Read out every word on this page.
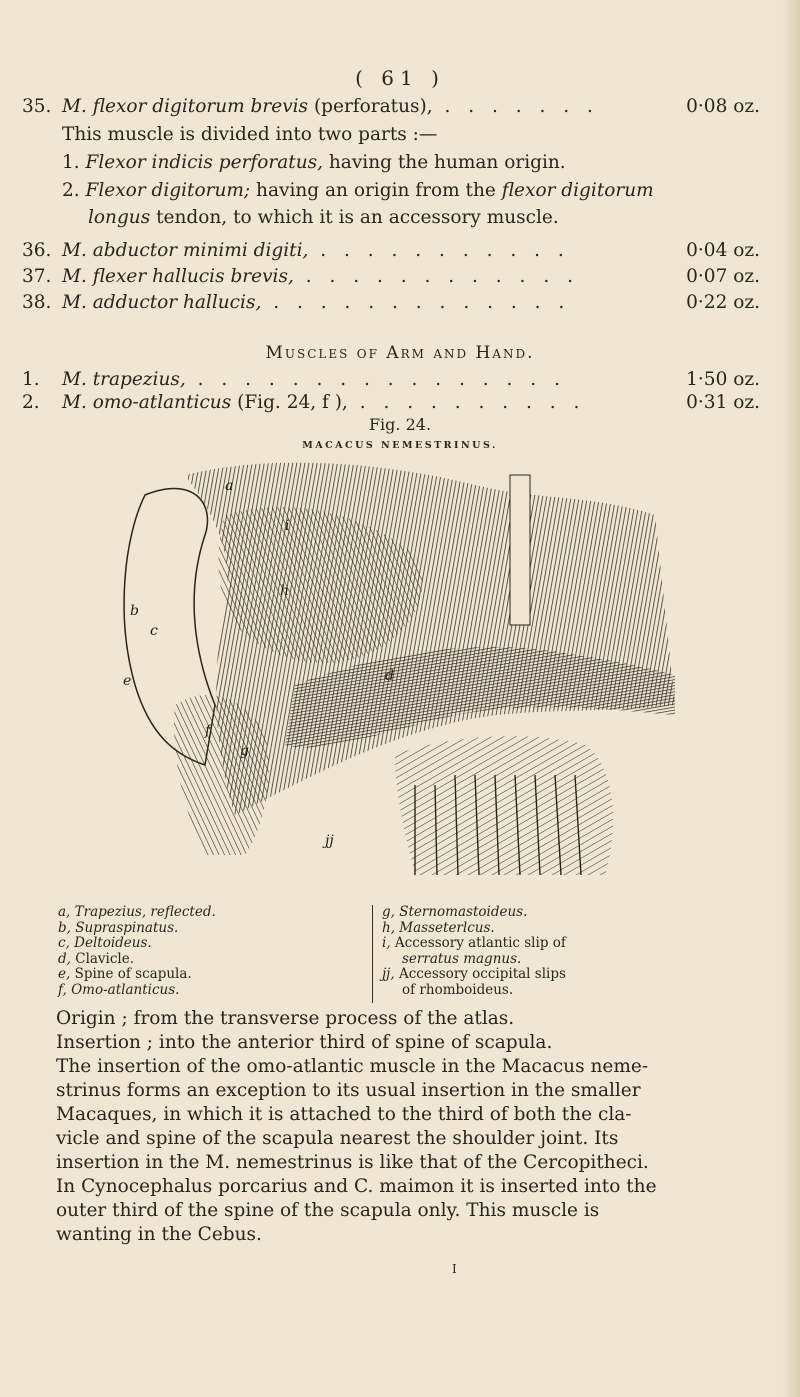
( 61 )
35. M. flexor digitorum brevis (perforatus), . . . . . . .	0·08 oz.
This muscle is divided into two parts :—
1. Flexor indicis perforatus, having the human origin.
2. Flexor digitorum; having an origin from the flexor digitorum
longus tendon, to which it is an accessory muscle.
36. M. abductor minimi digiti, . . . . . . . . . . .	0·04 oz.
37. M. flexer hallucis brevis, . . . . . . . . . . . .	0·07 oz.
38. M. adductor hallucis, . . . . . . . . . . . . .	0·22 oz.
Muscles of Arm and Hand.
1. M. trapezius, . . . . . . . . . . . . . . . .	1·50 oz.
2. M. omo-atlanticus (Fig. 24, f ), . . . . . . . . . .	0·31 oz.
Fig. 24.
MACACUS NEMESTRINUS.
a
b
c
d
e
f
g
h
i
jj
a, Trapezius, reflected.
b, Supraspinatus.
c, Deltoideus.
d, Clavicle.
e, Spine of scapula.
f, Omo-atlanticus.
g, Sternomastoideus.
h, Masseterlcus.
i, Accessory atlantic slip of
serratus magnus.
jj, Accessory occipital slips
of rhomboideus.
Origin ; from the transverse process of the atlas.
Insertion ; into the anterior third of spine of scapula.
The insertion of the omo-atlantic muscle in the Macacus neme-
strinus forms an exception to its usual insertion in the smaller
Macaques, in which it is attached to the third of both the cla-
vicle and spine of the scapula nearest the shoulder joint. Its
insertion in the M. nemestrinus is like that of the Cercopitheci.
In Cynocephalus porcarius and C. maimon it is inserted into the
outer third of the spine of the scapula only. This muscle is
wanting in the Cebus.
I
